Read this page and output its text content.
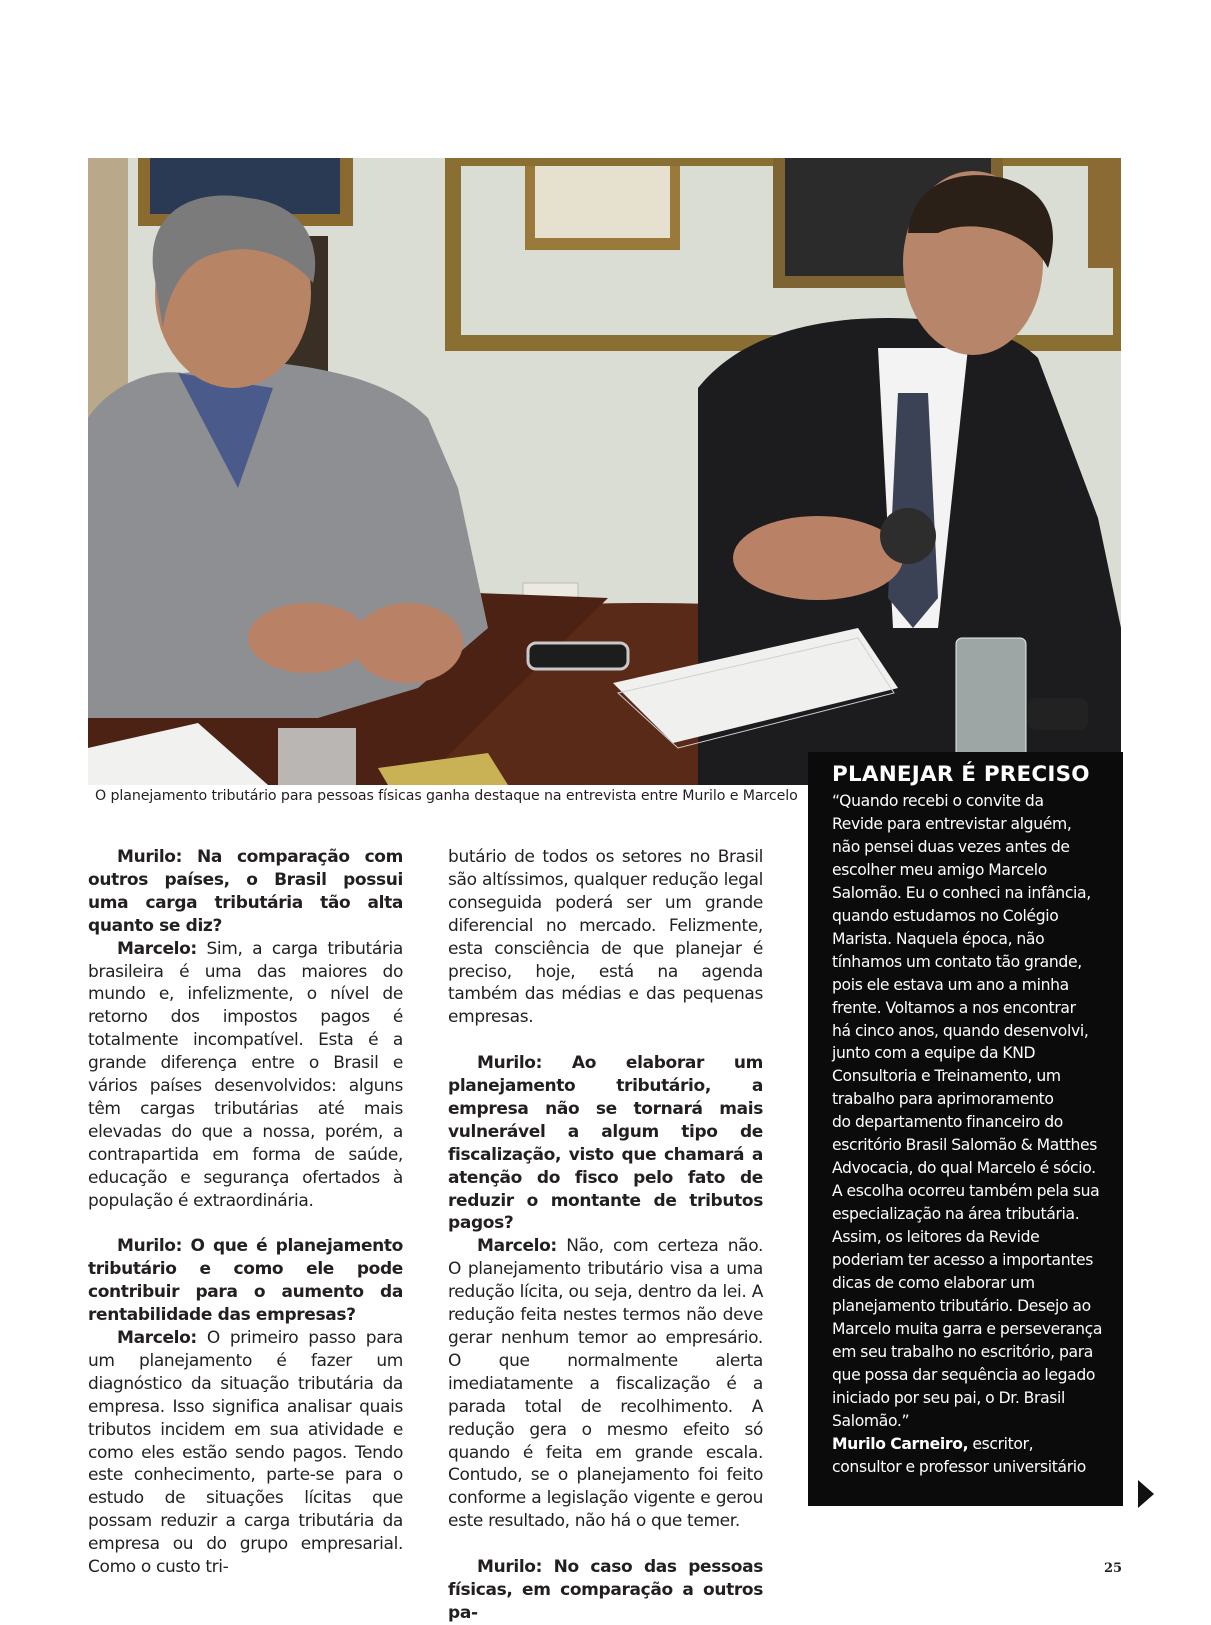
O planejamento tributário para pessoas físicas ganha destaque na entrevista entre Murilo e Marcelo

Murilo: Na comparação com outros países, o Brasil possui uma carga tributária tão alta quanto se diz?

Marcelo: Sim, a carga tributária brasileira é uma das maiores do mundo e, infelizmente, o nível de retorno dos impostos pagos é totalmente incompatível. Esta é a grande diferença entre o Brasil e vários países desenvolvidos: alguns têm cargas tributárias até mais elevadas do que a nossa, porém, a contrapartida em forma de saúde, educação e segurança ofertados à população é extraordinária.

Murilo: O que é planejamento tributário e como ele pode contribuir para o aumento da rentabilidade das empresas?

Marcelo: O primeiro passo para um planejamento é fazer um diagnóstico da situação tributária da empresa. Isso significa analisar quais tributos incidem em sua atividade e como eles estão sendo pagos. Tendo este conhecimento, parte-se para o estudo de situações lícitas que possam reduzir a carga tributária da empresa ou do grupo empresarial. Como o custo tri-

butário de todos os setores no Brasil são altíssimos, qualquer redução legal conseguida poderá ser um grande diferencial no mercado. Felizmente, esta consciência de que planejar é preciso, hoje, está na agenda também das médias e das pequenas empresas.

Murilo: Ao elaborar um planejamento tributário, a empresa não se tornará mais vulnerável a algum tipo de fiscalização, visto que chamará a atenção do fisco pelo fato de reduzir o montante de tributos pagos?

Marcelo: Não, com certeza não. O planejamento tributário visa a uma redução lícita, ou seja, dentro da lei. A redução feita nestes termos não deve gerar nenhum temor ao empresário. O que normalmente alerta imediatamente a fiscalização é a parada total de recolhimento. A redução gera o mesmo efeito só quando é feita em grande escala. Contudo, se o planejamento foi feito conforme a legislação vigente e gerou este resultado, não há o que temer.

Murilo: No caso das pessoas físicas, em comparação a outros pa-

PLANEJAR É PRECISO

“Quando recebi o convite da
Revide para entrevistar alguém,
não pensei duas vezes antes de
escolher meu amigo Marcelo
Salomão. Eu o conheci na infância,
quando estudamos no Colégio
Marista. Naquela época, não
tínhamos um contato tão grande,
pois ele estava um ano a minha
frente. Voltamos a nos encontrar
há cinco anos, quando desenvolvi,
junto com a equipe da KND
Consultoria e Treinamento, um
trabalho para aprimoramento
do departamento financeiro do
escritório Brasil Salomão & Matthes
Advocacia, do qual Marcelo é sócio.
A escolha ocorreu também pela sua
especialização na área tributária.
Assim, os leitores da Revide
poderiam ter acesso a importantes
dicas de como elaborar um
planejamento tributário. Desejo ao
Marcelo muita garra e perseverança
em seu trabalho no escritório, para
que possa dar sequência ao legado
iniciado por seu pai, o Dr. Brasil
Salomão.”
Murilo Carneiro, escritor,
consultor e professor universitário

25
